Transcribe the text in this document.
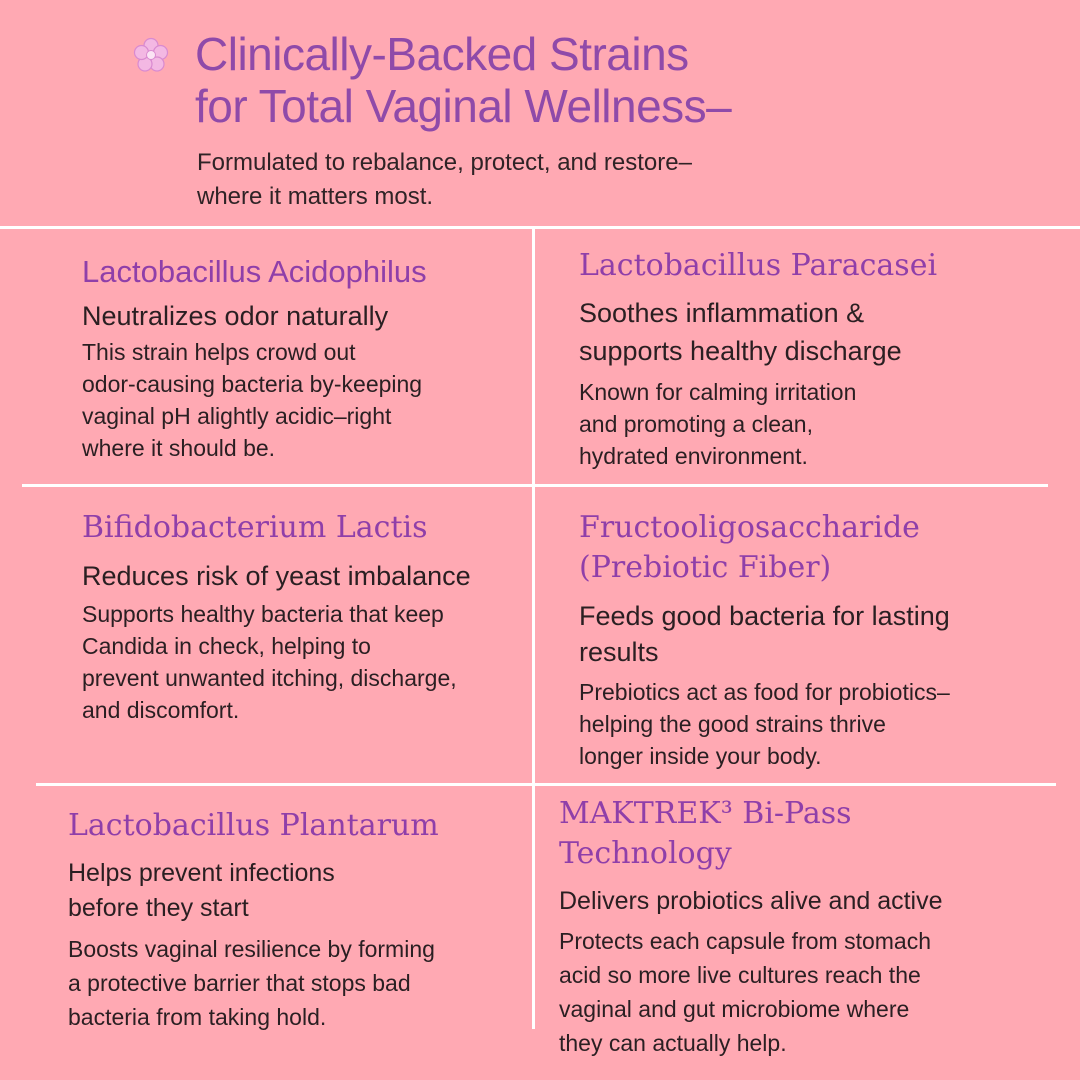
Clinically-Backed Strains
for Total Vaginal Wellness–
Formulated to rebalance, protect, and restore–
where it matters most.

Lactobacillus Acidophilus

Neutralizes odor naturally

This strain helps crowd out

odor-causing bacteria by-keeping

vaginal pH alightly acidic–right

where it should be.

Lactobacillus Paracasei

Soothes inflammation &

supports healthy discharge

Known for calming irritation

and promoting a clean,

hydrated environment.

Bifidobacterium Lactis

Reduces risk of yeast imbalance

Supports healthy bacteria that keep

Candida in check, helping to

prevent unwanted itching, discharge,

and discomfort.

Fructooligosaccharide

(Prebiotic Fiber)

Feeds good bacteria for lasting

results

Prebiotics act as food for probiotics–

helping the good strains thrive

longer inside your body.

Lactobacillus Plantarum

Helps prevent infections

before they start

Boosts vaginal resilience by forming

a protective barrier that stops bad

bacteria from taking hold.

MAKTREK³ Bi-Pass

Technology

Delivers probiotics alive and active

Protects each capsule from stomach

acid so more live cultures reach the

vaginal and gut microbiome where

they can actually help.
